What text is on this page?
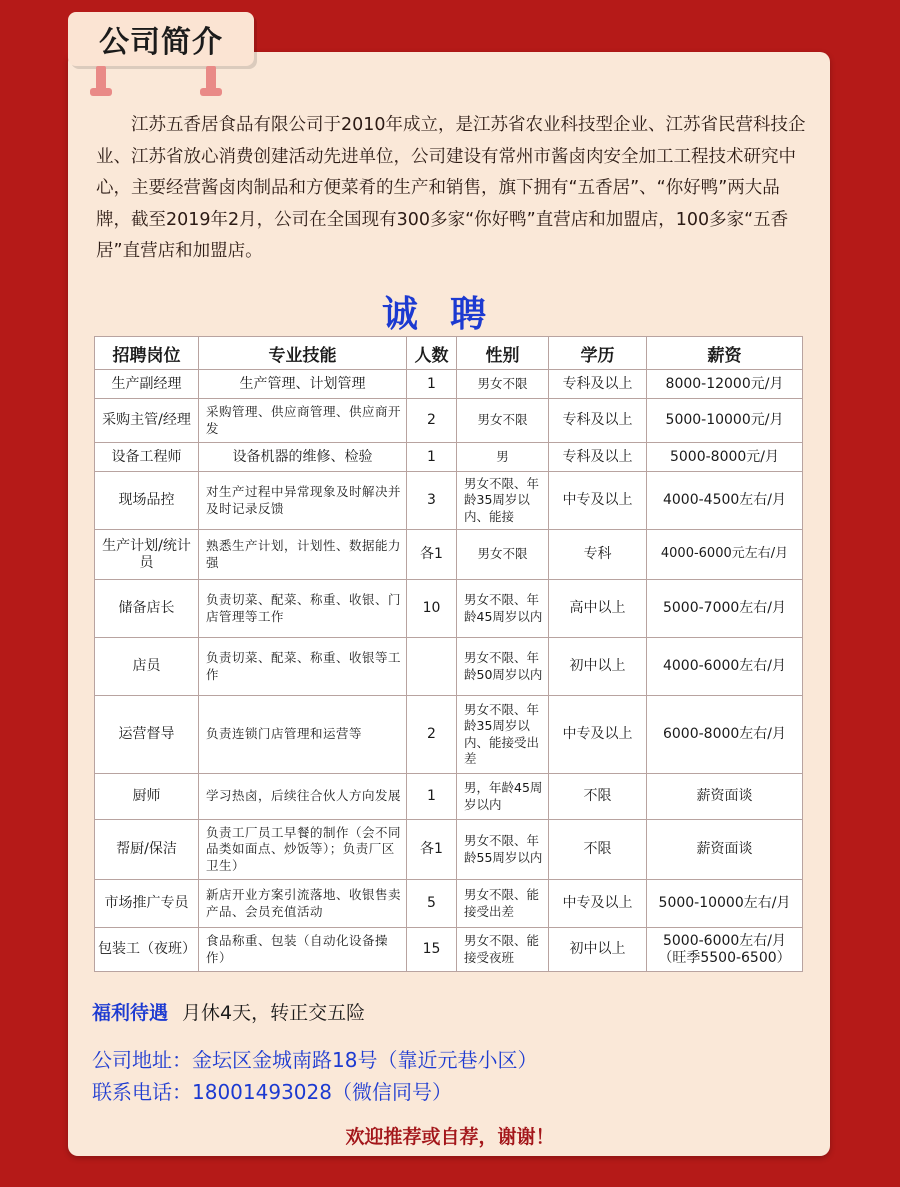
公司简介

江苏五香居食品有限公司于2010年成立，是江苏省农业科技型企业、江苏省民营科技企业、江苏省放心消费创建活动先进单位，公司建设有常州市酱卤肉安全加工工程技术研究中心，主要经营酱卤肉制品和方便菜肴的生产和销售，旗下拥有“五香居”、“你好鸭”两大品牌，截至2019年2月，公司在全国现有300多家“你好鸭”直营店和加盟店，100多家“五香居”直营店和加盟店。

诚聘
招聘岗位	专业技能	人数	性别	学历	薪资
生产副经理	生产管理、计划管理	1	男女不限	专科及以上	8000-12000元/月
采购主管/经理	采购管理、供应商管理、供应商开发	2	男女不限	专科及以上	5000-10000元/月
设备工程师	设备机器的维修、检验	1	男	专科及以上	5000-8000元/月
现场品控	对生产过程中异常现象及时解决并及时记录反馈	3	男女不限、年龄35周岁以内、能接	中专及以上	4000-4500左右/月
生产计划/统计员	熟悉生产计划，计划性、数据能力强	各1	男女不限	专科	4000-6000元左右/月
储备店长	负责切菜、配菜、称重、收银、门店管理等工作	10	男女不限、年龄45周岁以内	高中以上	5000-7000左右/月
店员	负责切菜、配菜、称重、收银等工作		男女不限、年龄50周岁以内	初中以上	4000-6000左右/月
运营督导	负责连锁门店管理和运营等	2	男女不限、年龄35周岁以内、能接受出差	中专及以上	6000-8000左右/月
厨师	学习热卤，后续往合伙人方向发展	1	男，年龄45周岁以内	不限	薪资面谈
帮厨/保洁	负责工厂员工早餐的制作（会不同品类如面点、炒饭等）；负责厂区卫生）	各1	男女不限、年龄55周岁以内	不限	薪资面谈
市场推广专员	新店开业方案引流落地、收银售卖产品、会员充值活动	5	男女不限、能接受出差	中专及以上	5000-10000左右/月
包装工（夜班）	食品称重、包装（自动化设备操作）	15	男女不限、能接受夜班	初中以上	5000-6000左右/月
（旺季5500-6500）
福利待遇 月休4天，转正交五险
公司地址：金坛区金城南路18号（靠近元巷小区）
联系电话：18001493028（微信同号）
欢迎推荐或自荐，谢谢！
